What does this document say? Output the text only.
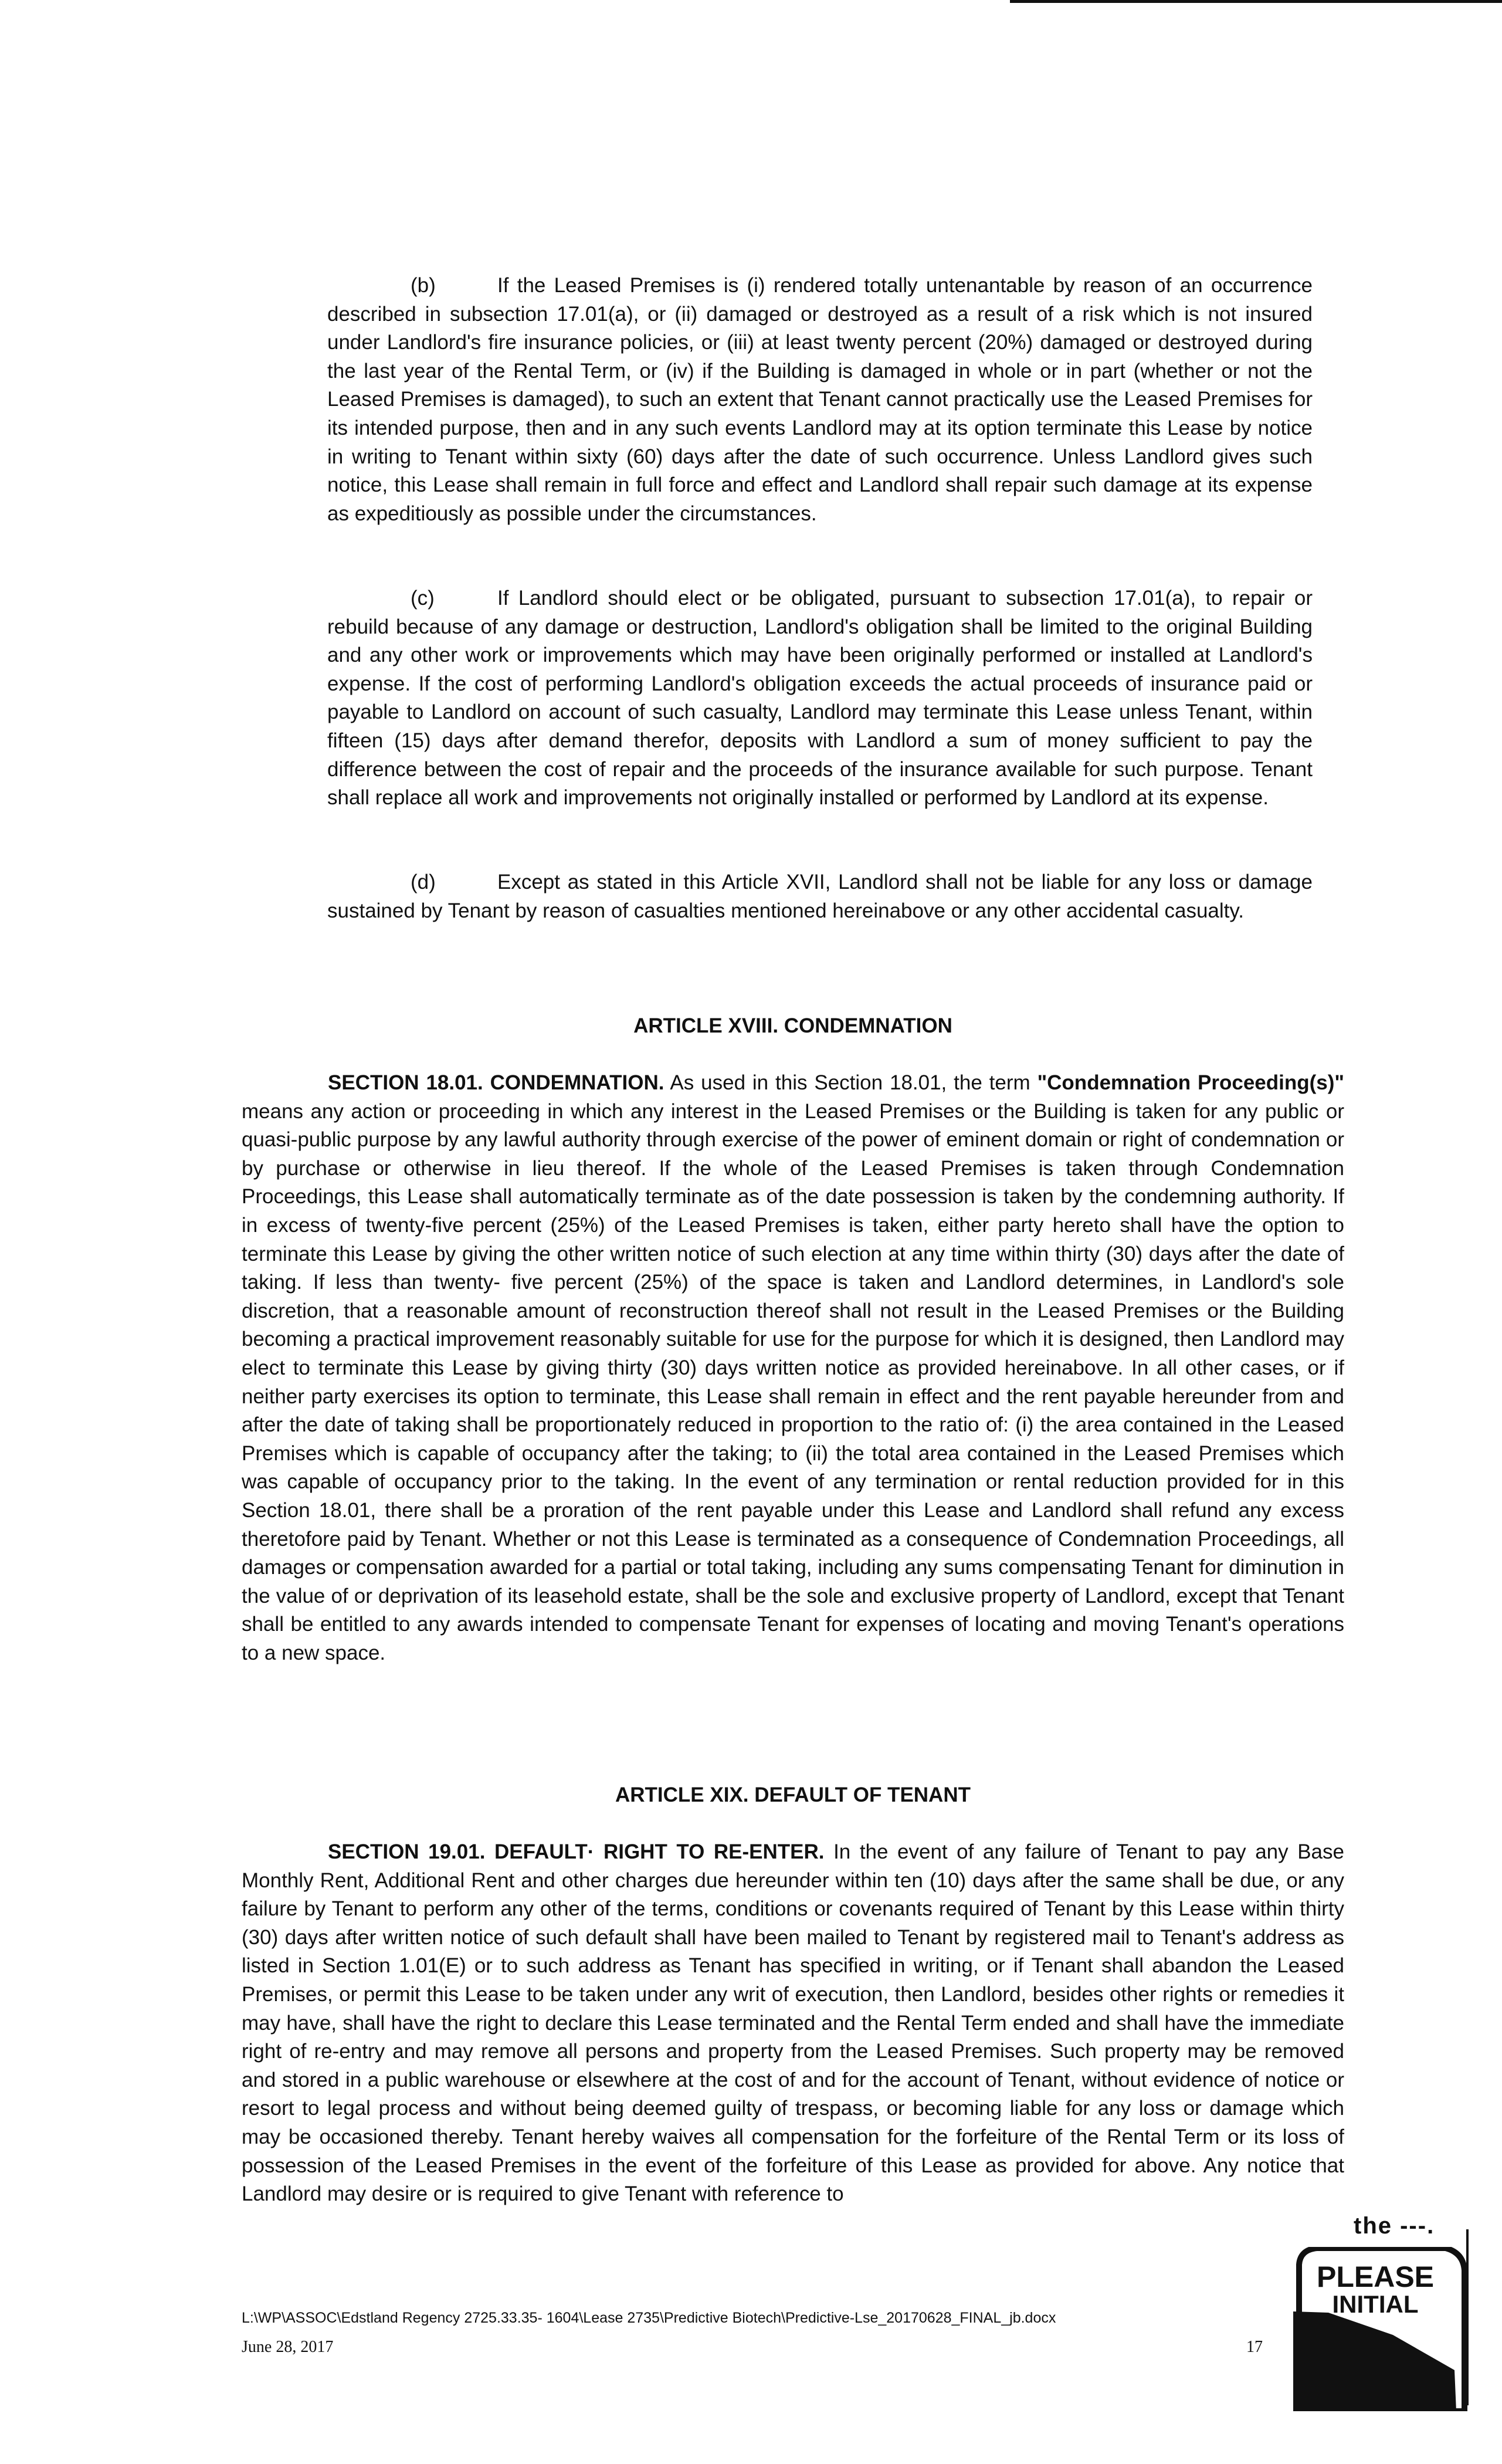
(b)	If the Leased Premises is (i) rendered totally untenantable by reason of an occurrence described in subsection 17.01(a), or (ii) damaged or destroyed as a result of a risk which is not insured under Landlord's fire insurance policies, or (iii) at least twenty percent (20%) damaged or destroyed during the last year of the Rental Term, or (iv) if the Building is damaged in whole or in part (whether or not the Leased Premises is damaged), to such an extent that Tenant cannot practically use the Leased Premises for its intended purpose, then and in any such events Landlord may at its option terminate this Lease by notice in writing to Tenant within sixty (60) days after the date of such occurrence. Unless Landlord gives such notice, this Lease shall remain in full force and effect and Landlord shall repair such damage at its expense as expeditiously as possible under the circumstances.

(c)	If Landlord should elect or be obligated, pursuant to subsection 17.01(a), to repair or rebuild because of any damage or destruction, Landlord's obligation shall be limited to the original Building and any other work or improvements which may have been originally performed or installed at Landlord's expense. If the cost of performing Landlord's obligation exceeds the actual proceeds of insurance paid or payable to Landlord on account of such casualty, Landlord may terminate this Lease unless Tenant, within fifteen (15) days after demand therefor, deposits with Landlord a sum of money sufficient to pay the difference between the cost of repair and the proceeds of the insurance available for such purpose. Tenant shall replace all work and improvements not originally installed or performed by Landlord at its expense.

(d)	Except as stated in this Article XVII, Landlord shall not be liable for any loss or damage sustained by Tenant by reason of casualties mentioned hereinabove or any other accidental casualty.

ARTICLE XVIII. CONDEMNATION

SECTION 18.01. CONDEMNATION. As used in this Section 18.01, the term "Condemnation Proceeding(s)" means any action or proceeding in which any interest in the Leased Premises or the Building is taken for any public or quasi-public purpose by any lawful authority through exercise of the power of eminent domain or right of condemnation or by purchase or otherwise in lieu thereof. If the whole of the Leased Premises is taken through Condemnation Proceedings, this Lease shall automatically terminate as of the date possession is taken by the condemning authority. If in excess of twenty-five percent (25%) of the Leased Premises is taken, either party hereto shall have the option to terminate this Lease by giving the other written notice of such election at any time within thirty (30) days after the date of taking. If less than twenty- five percent (25%) of the space is taken and Landlord determines, in Landlord's sole discretion, that a reasonable amount of reconstruction thereof shall not result in the Leased Premises or the Building becoming a practical improvement reasonably suitable for use for the purpose for which it is designed, then Landlord may elect to terminate this Lease by giving thirty (30) days written notice as provided hereinabove. In all other cases, or if neither party exercises its option to terminate, this Lease shall remain in effect and the rent payable hereunder from and after the date of taking shall be proportionately reduced in proportion to the ratio of: (i) the area contained in the Leased Premises which is capable of occupancy after the taking; to (ii) the total area contained in the Leased Premises which was capable of occupancy prior to the taking. In the event of any termination or rental reduction provided for in this Section 18.01, there shall be a proration of the rent payable under this Lease and Landlord shall refund any excess theretofore paid by Tenant. Whether or not this Lease is terminated as a consequence of Condemnation Proceedings, all damages or compensation awarded for a partial or total taking, including any sums compensating Tenant for diminution in the value of or deprivation of its leasehold estate, shall be the sole and exclusive property of Landlord, except that Tenant shall be entitled to any awards intended to compensate Tenant for expenses of locating and moving Tenant's operations to a new space.

ARTICLE XIX. DEFAULT OF TENANT

SECTION 19.01. DEFAULT· RIGHT TO RE-ENTER. In the event of any failure of Tenant to pay any Base Monthly Rent, Additional Rent and other charges due hereunder within ten (10) days after the same shall be due, or any failure by Tenant to perform any other of the terms, conditions or covenants required of Tenant by this Lease within thirty (30) days after written notice of such default shall have been mailed to Tenant by registered mail to Tenant's address as listed in Section 1.01(E) or to such address as Tenant has specified in writing, or if Tenant shall abandon the Leased Premises, or permit this Lease to be taken under any writ of execution, then Landlord, besides other rights or remedies it may have, shall have the right to declare this Lease terminated and the Rental Term ended and shall have the immediate right of re-entry and may remove all persons and property from the Leased Premises. Such property may be removed and stored in a public warehouse or elsewhere at the cost of and for the account of Tenant, without evidence of notice or resort to legal process and without being deemed guilty of trespass, or becoming liable for any loss or damage which may be occasioned thereby. Tenant hereby waives all compensation for the forfeiture of the Rental Term or its loss of possession of the Leased Premises in the event of the forfeiture of this Lease as provided for above. Any notice that Landlord may desire or is required to give Tenant with reference to

the ---.
L:\WP\ASSOC\Edstland Regency 2725.33.35- 1604\Lease 2735\Predictive Biotech\Predictive-Lse_20170628_FINAL_jb.docx
June 28, 2017	17
PLEASE
INITIAL
